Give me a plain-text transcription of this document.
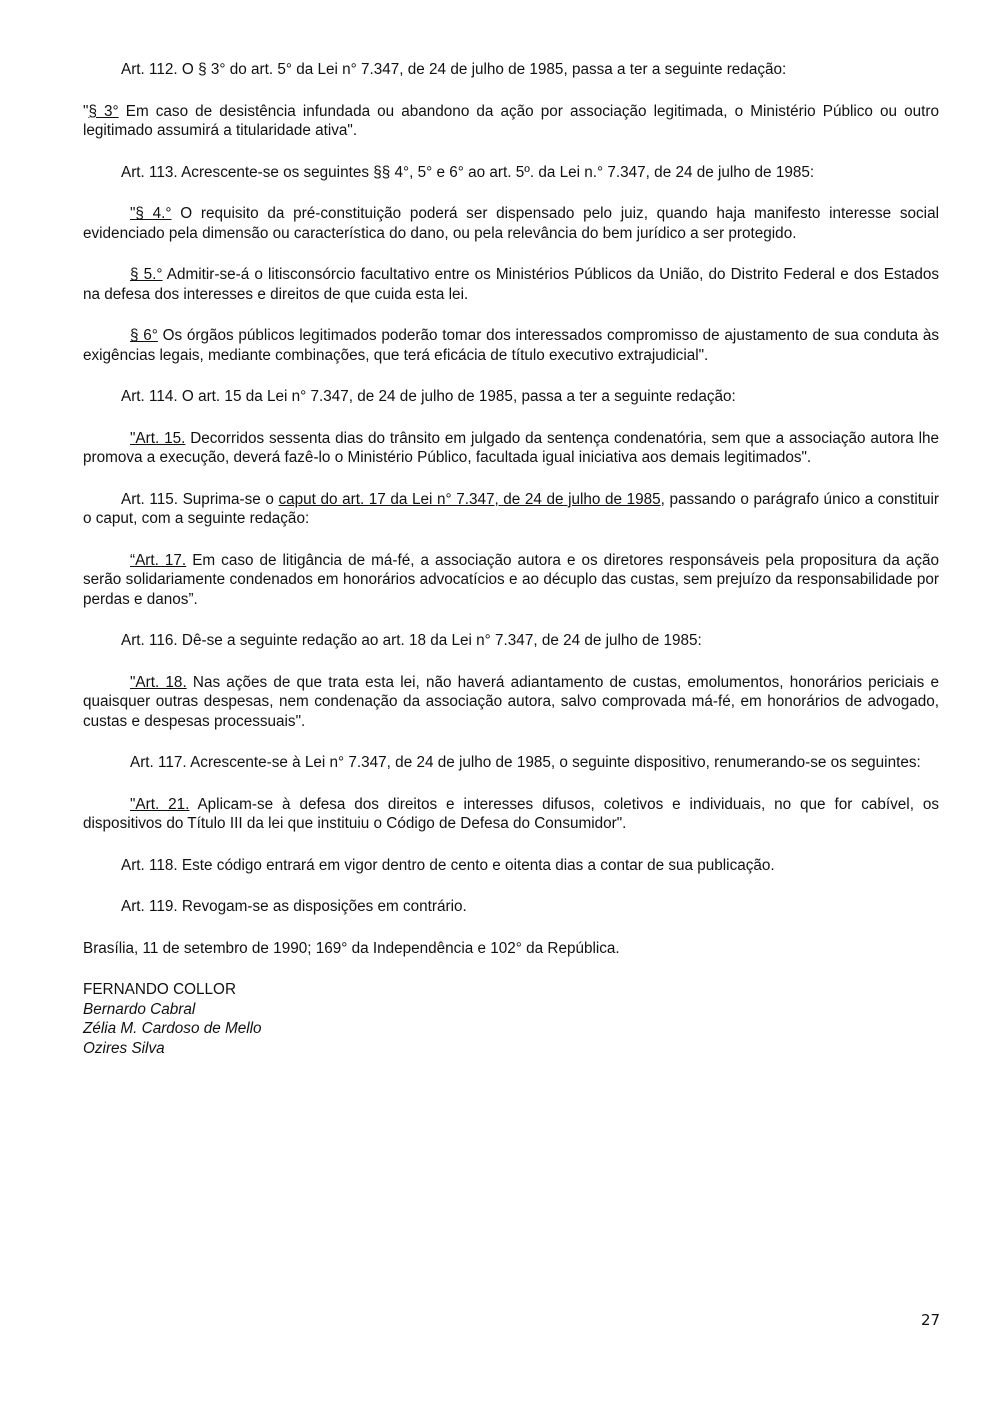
Art. 112. O § 3° do art. 5° da Lei n° 7.347, de 24 de julho de 1985, passa a ter a seguinte redação:

"§ 3° Em caso de desistência infundada ou abandono da ação por associação legitimada, o Ministério Público ou outro legitimado assumirá a titularidade ativa".

Art. 113. Acrescente-se os seguintes §§ 4°, 5° e 6° ao art. 5º. da Lei n.° 7.347, de 24 de julho de 1985:

"§ 4.° O requisito da pré-constituição poderá ser dispensado pelo juiz, quando haja manifesto interesse social evidenciado pela dimensão ou característica do dano, ou pela relevância do bem jurídico a ser protegido.

§ 5.° Admitir-se-á o litisconsórcio facultativo entre os Ministérios Públicos da União, do Distrito Federal e dos Estados na defesa dos interesses e direitos de que cuida esta lei.

§ 6° Os órgãos públicos legitimados poderão tomar dos interessados compromisso de ajustamento de sua conduta às exigências legais, mediante combinações, que terá eficácia de título executivo extrajudicial".

Art. 114. O art. 15 da Lei n° 7.347, de 24 de julho de 1985, passa a ter a seguinte redação:

"Art. 15. Decorridos sessenta dias do trânsito em julgado da sentença condenatória, sem que a associação autora lhe promova a execução, deverá fazê-lo o Ministério Público, facultada igual iniciativa aos demais legitimados".

Art. 115. Suprima-se o caput do art. 17 da Lei n° 7.347, de 24 de julho de 1985, passando o parágrafo único a constituir o caput, com a seguinte redação:

“Art. 17. Em caso de litigância de má-fé, a associação autora e os diretores responsáveis pela propositura da ação serão solidariamente condenados em honorários advocatícios e ao décuplo das custas, sem prejuízo da responsabilidade por perdas e danos”.

Art. 116. Dê-se a seguinte redação ao art. 18 da Lei n° 7.347, de 24 de julho de 1985:

"Art. 18. Nas ações de que trata esta lei, não haverá adiantamento de custas, emolumentos, honorários periciais e quaisquer outras despesas, nem condenação da associação autora, salvo comprovada má-fé, em honorários de advogado, custas e despesas processuais".

Art. 117. Acrescente-se à Lei n° 7.347, de 24 de julho de 1985, o seguinte dispositivo, renumerando-se os seguintes:

"Art. 21. Aplicam-se à defesa dos direitos e interesses difusos, coletivos e individuais, no que for cabível, os dispositivos do Título III da lei que instituiu o Código de Defesa do Consumidor".

Art. 118. Este código entrará em vigor dentro de cento e oitenta dias a contar de sua publicação.

Art. 119. Revogam-se as disposições em contrário.

Brasília, 11 de setembro de 1990; 169° da Independência e 102° da República.

FERNANDO COLLOR

Bernardo Cabral

Zélia M. Cardoso de Mello

Ozires Silva

27
